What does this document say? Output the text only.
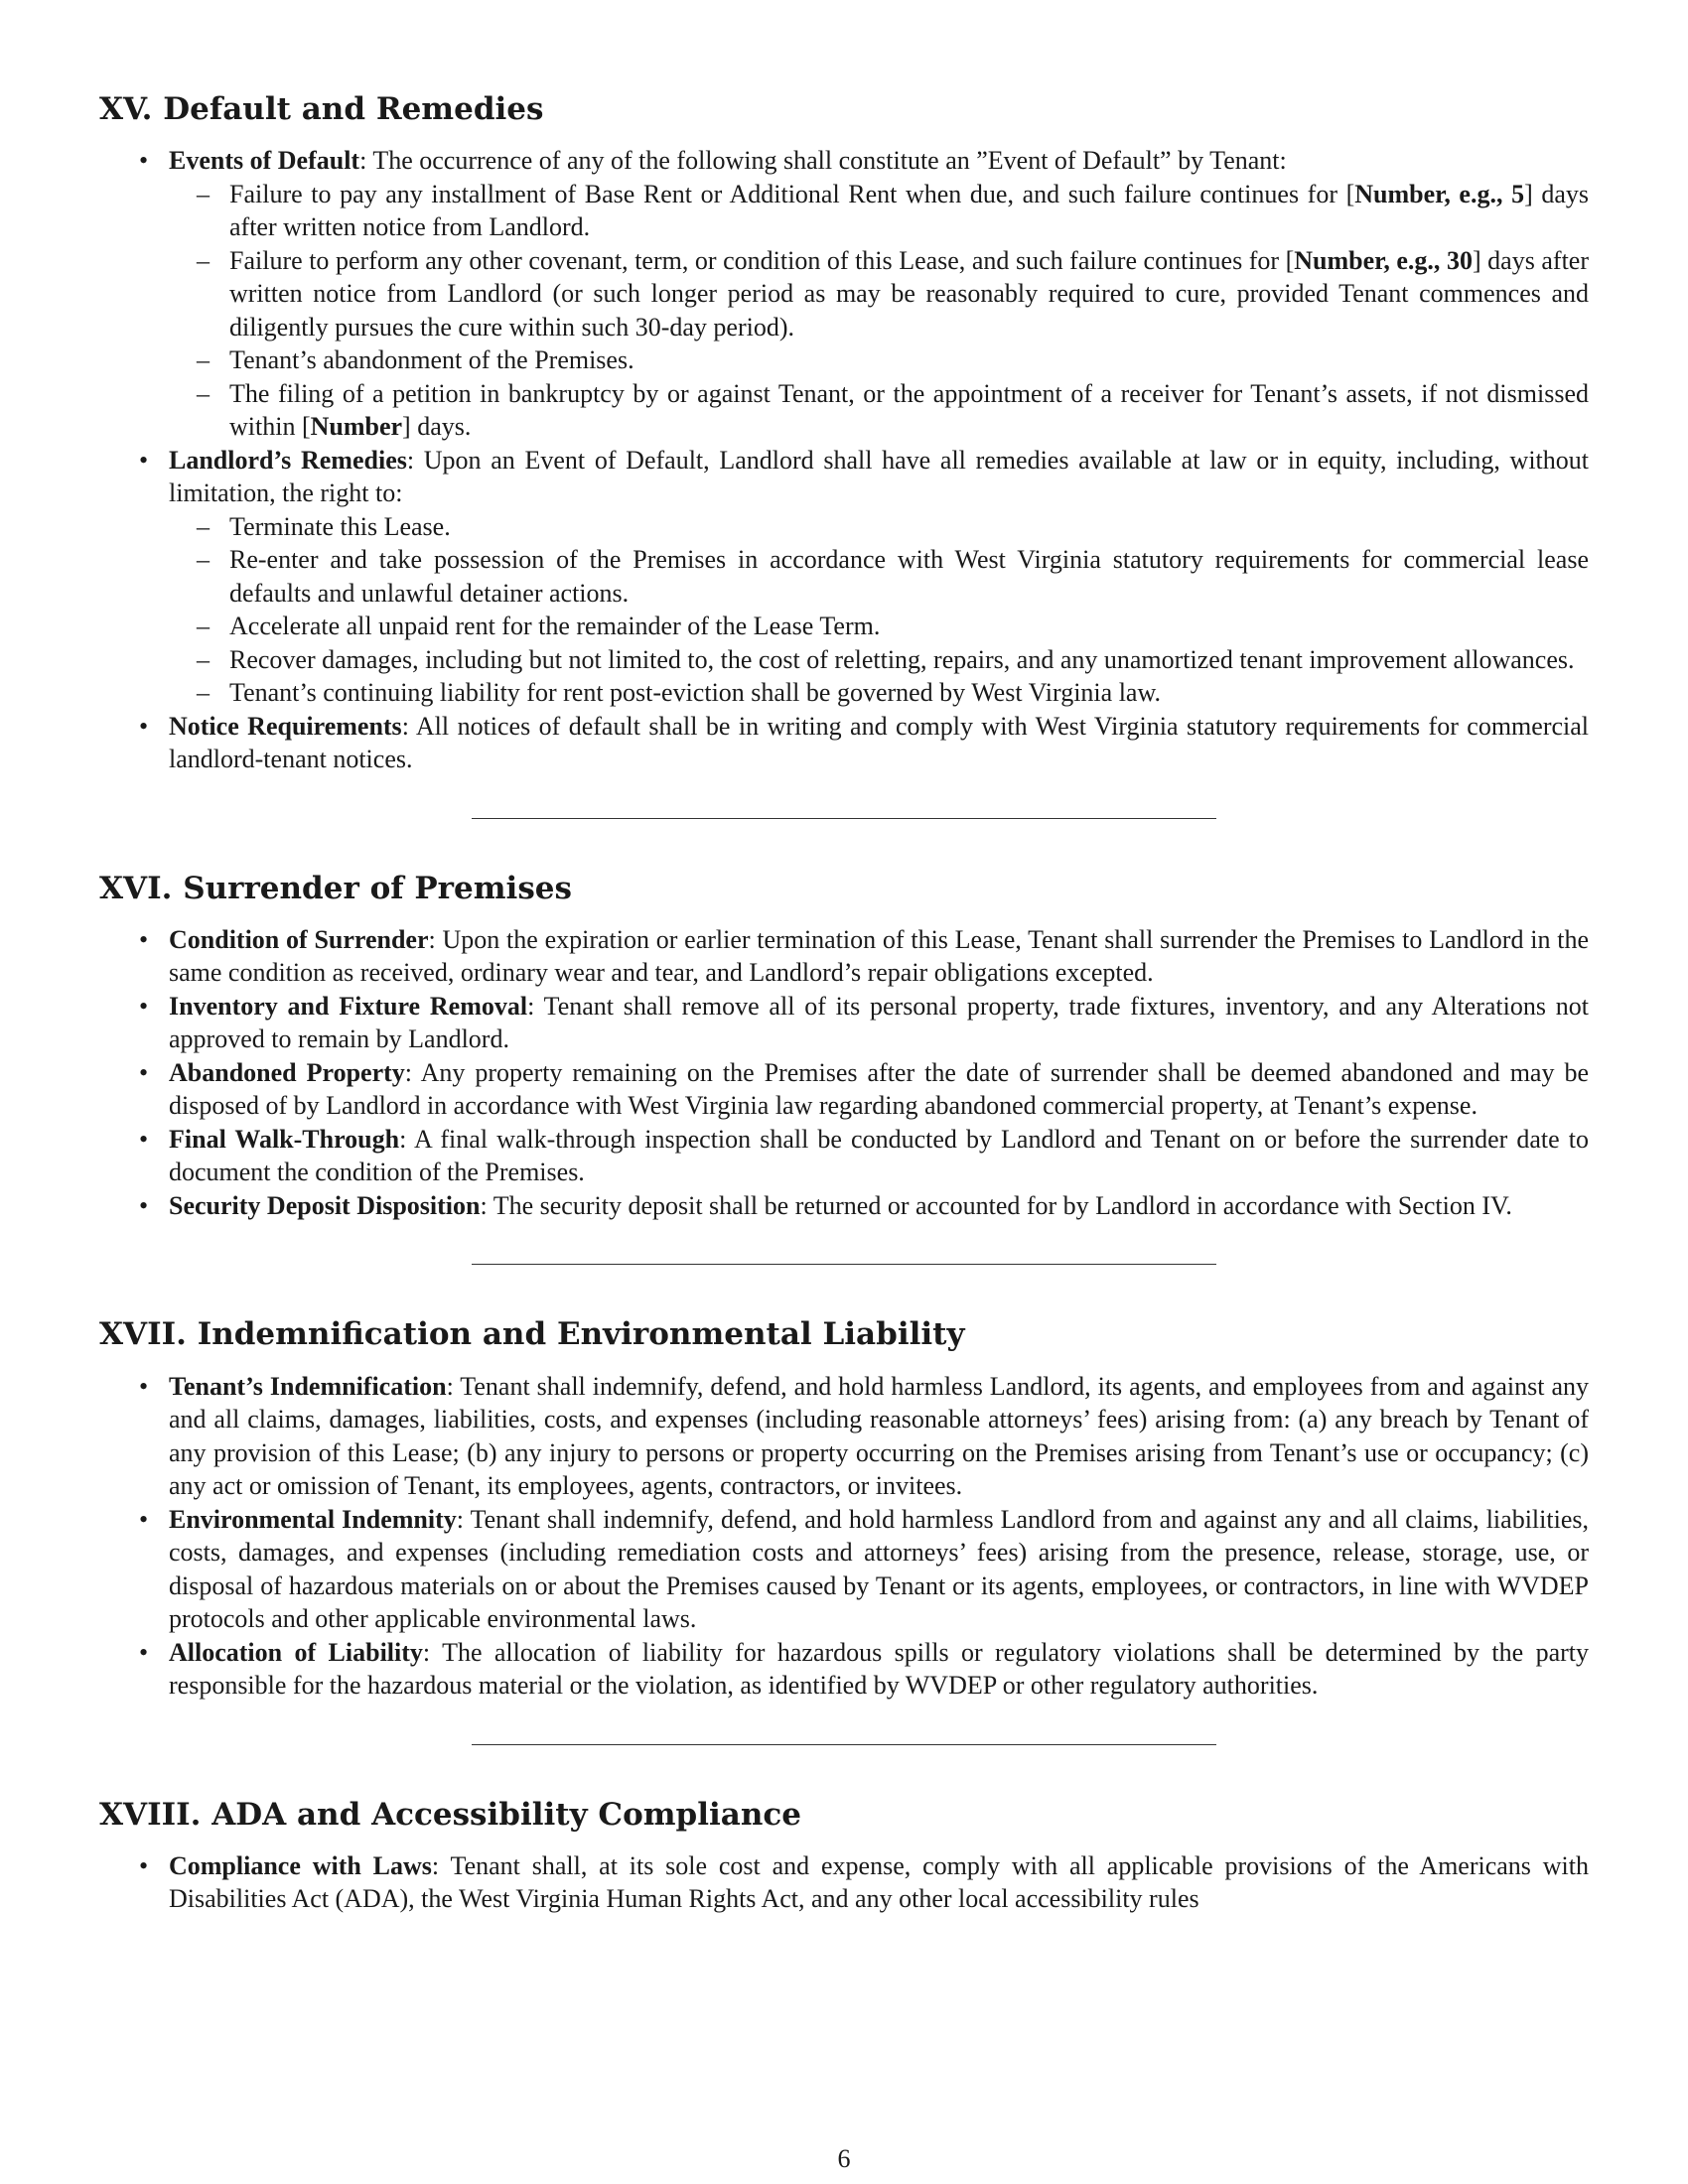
XV. Default and Remedies
• Events of Default: The occurrence of any of the following shall constitute an ”Event of Default” by Tenant:
– Failure to pay any installment of Base Rent or Additional Rent when due, and such failure continues for [Number, e.g., 5] days after written notice from Landlord.
– Failure to perform any other covenant, term, or condition of this Lease, and such failure continues for [Number, e.g., 30] days after written notice from Landlord (or such longer period as may be reasonably required to cure, provided Tenant commences and diligently pursues the cure within such 30-day period).
– Tenant’s abandonment of the Premises.
– The filing of a petition in bankruptcy by or against Tenant, or the appointment of a receiver for Tenant’s assets, if not dismissed within [Number] days.
• Landlord’s Remedies: Upon an Event of Default, Landlord shall have all remedies available at law or in equity, including, without limitation, the right to:
– Terminate this Lease.
– Re-enter and take possession of the Premises in accordance with West Virginia statutory requirements for commercial lease defaults and unlawful detainer actions.
– Accelerate all unpaid rent for the remainder of the Lease Term.
– Recover damages, including but not limited to, the cost of reletting, repairs, and any unamortized tenant improvement allowances.
– Tenant’s continuing liability for rent post-eviction shall be governed by West Virginia law.
• Notice Requirements: All notices of default shall be in writing and comply with West Virginia statutory requirements for commercial landlord-tenant notices.
XVI. Surrender of Premises
• Condition of Surrender: Upon the expiration or earlier termination of this Lease, Tenant shall surrender the Premises to Landlord in the same condition as received, ordinary wear and tear, and Landlord’s repair obligations excepted.
• Inventory and Fixture Removal: Tenant shall remove all of its personal property, trade fixtures, inventory, and any Alterations not approved to remain by Landlord.
• Abandoned Property: Any property remaining on the Premises after the date of surrender shall be deemed abandoned and may be disposed of by Landlord in accordance with West Virginia law regarding abandoned commercial property, at Tenant’s expense.
• Final Walk-Through: A final walk-through inspection shall be conducted by Landlord and Tenant on or before the surrender date to document the condition of the Premises.
• Security Deposit Disposition: The security deposit shall be returned or accounted for by Landlord in accordance with Section IV.
XVII. Indemnification and Environmental Liability
• Tenant’s Indemnification: Tenant shall indemnify, defend, and hold harmless Landlord, its agents, and employees from and against any and all claims, damages, liabilities, costs, and expenses (including reasonable attorneys’ fees) arising from: (a) any breach by Tenant of any provision of this Lease; (b) any injury to persons or property occurring on the Premises arising from Tenant’s use or occupancy; (c) any act or omission of Tenant, its employees, agents, contractors, or invitees.
• Environmental Indemnity: Tenant shall indemnify, defend, and hold harmless Landlord from and against any and all claims, liabilities, costs, damages, and expenses (including remediation costs and attorneys’ fees) arising from the presence, release, storage, use, or disposal of hazardous materials on or about the Premises caused by Tenant or its agents, employees, or contractors, in line with WVDEP protocols and other applicable environmental laws.
• Allocation of Liability: The allocation of liability for hazardous spills or regulatory violations shall be determined by the party responsible for the hazardous material or the violation, as identified by WVDEP or other regulatory authorities.
XVIII. ADA and Accessibility Compliance
• Compliance with Laws: Tenant shall, at its sole cost and expense, comply with all applicable provisions of the Americans with Disabilities Act (ADA), the West Virginia Human Rights Act, and any other local accessibility rules
6
